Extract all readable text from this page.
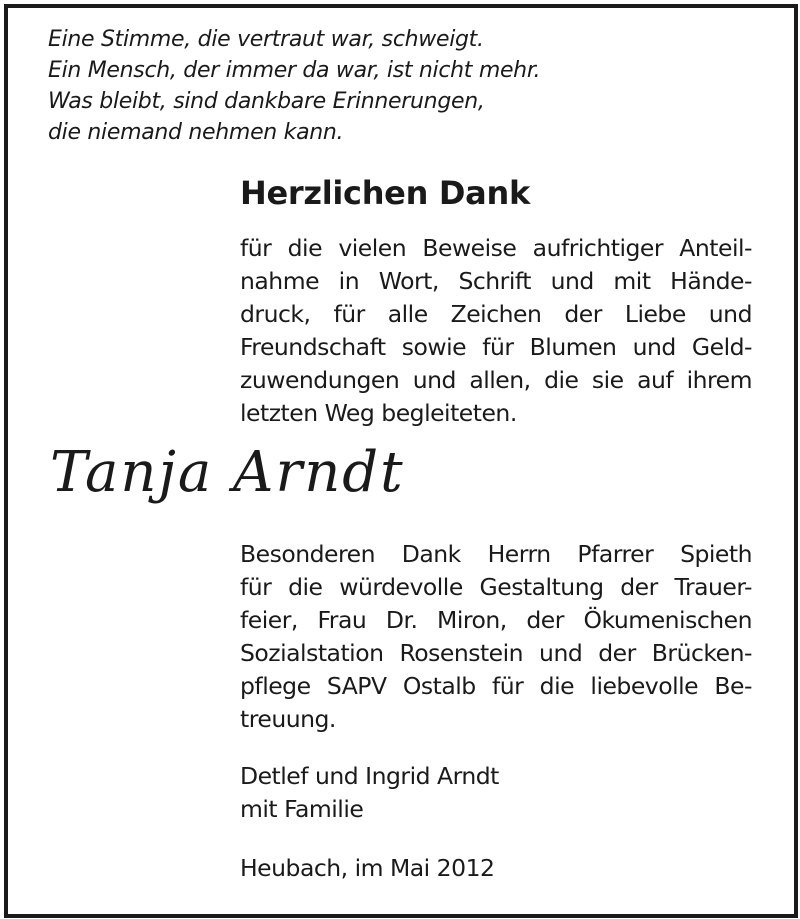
Eine Stimme, die vertraut war, schweigt.
Ein Mensch, der immer da war, ist nicht mehr.
Was bleibt, sind dankbare Erinnerungen,
die niemand nehmen kann.
Herzlichen Dank
für die vielen Beweise aufrichtiger Anteil-
nahme in Wort, Schrift und mit Hände-
druck, für alle Zeichen der Liebe und
Freundschaft sowie für Blumen und Geld-
zuwendungen und allen, die sie auf ihrem
letzten Weg begleiteten.
Tanja Arndt
Besonderen Dank Herrn Pfarrer Spieth
für die würdevolle Gestaltung der Trauer-
feier, Frau Dr. Miron, der Ökumenischen
Sozialstation Rosenstein und der Brücken-
pflege SAPV Ostalb für die liebevolle Be-
treuung.
Detlef und Ingrid Arndt
mit Familie
Heubach, im Mai 2012
